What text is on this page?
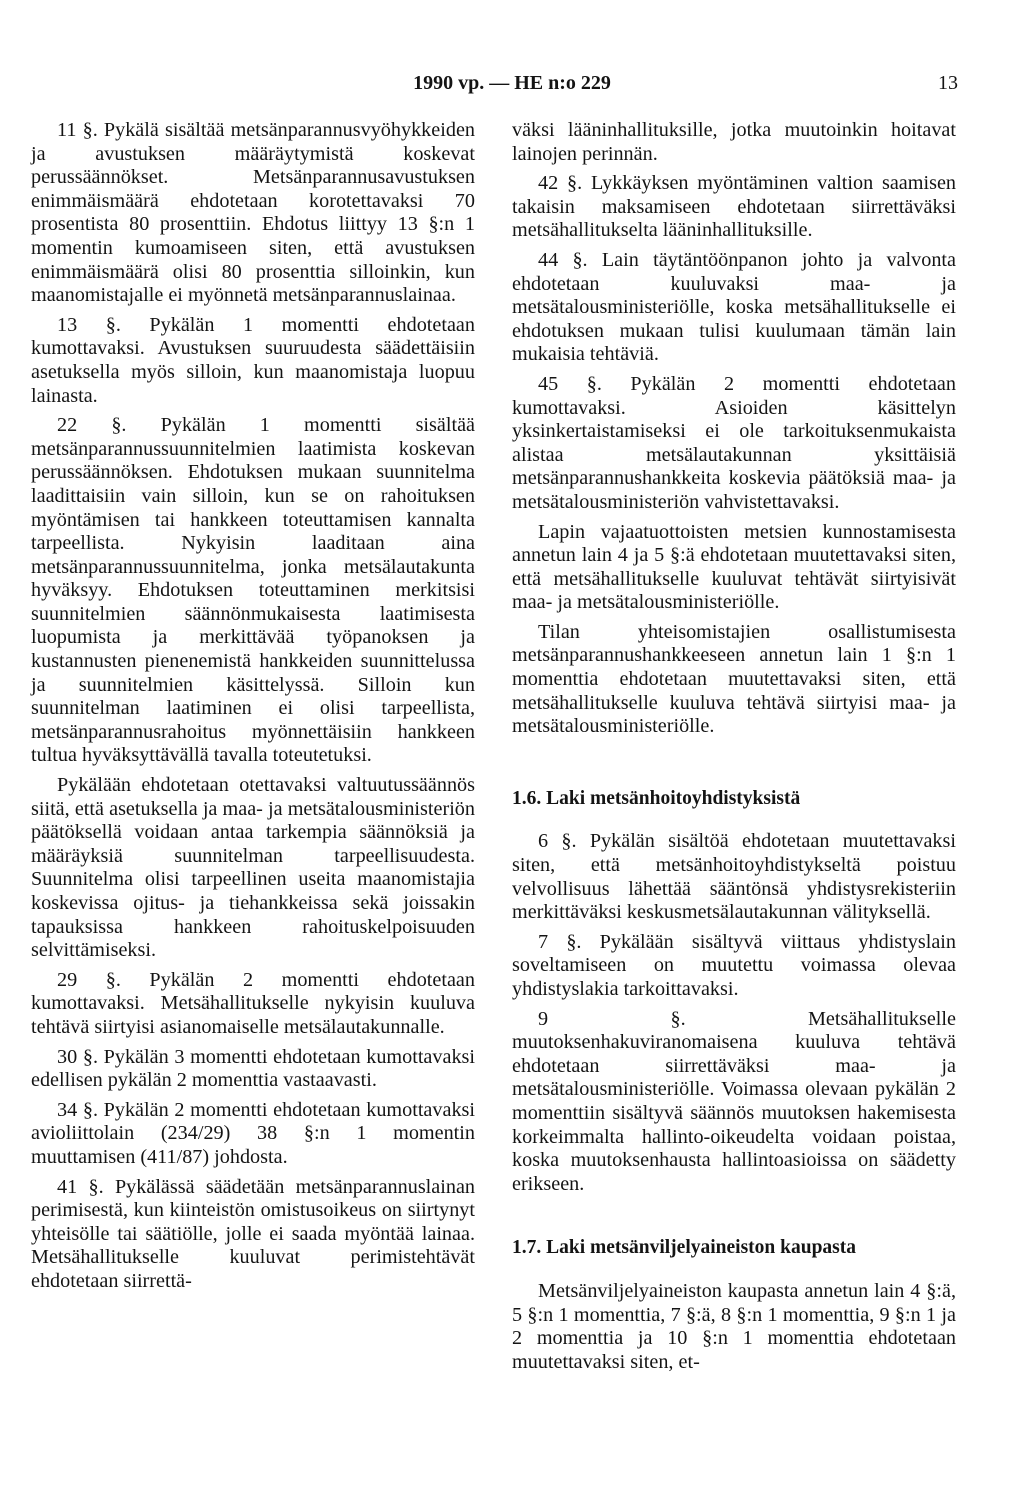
1990 vp. — HE n:o 229	13

11 §. Pykälä sisältää metsänparannusvyöhykkeiden ja avustuksen määräytymistä koskevat perussäännökset. Metsänparannusavustuksen enimmäismäärä ehdotetaan korotettavaksi 70 prosentista 80 prosenttiin. Ehdotus liittyy 13 §:n 1 momentin kumoamiseen siten, että avustuksen enimmäismäärä olisi 80 prosenttia silloinkin, kun maanomistajalle ei myönnetä metsänparannuslainaa.

13 §. Pykälän 1 momentti ehdotetaan kumottavaksi. Avustuksen suuruudesta säädettäisiin asetuksella myös silloin, kun maanomistaja luopuu lainasta.

22 §. Pykälän 1 momentti sisältää metsänparannussuunnitelmien laatimista koskevan perussäännöksen. Ehdotuksen mukaan suunnitelma laadittaisiin vain silloin, kun se on rahoituksen myöntämisen tai hankkeen toteuttamisen kannalta tarpeellista. Nykyisin laaditaan aina metsänparannussuunnitelma, jonka metsälautakunta hyväksyy. Ehdotuksen toteuttaminen merkitsisi suunnitelmien säännönmukaisesta laatimisesta luopumista ja merkittävää työpanoksen ja kustannusten pienenemistä hankkeiden suunnittelussa ja suunnitelmien käsittelyssä. Silloin kun suunnitelman laatiminen ei olisi tarpeellista, metsänparannusrahoitus myönnettäisiin hankkeen tultua hyväksyttävällä tavalla toteutetuksi.

Pykälään ehdotetaan otettavaksi valtuutussäännös siitä, että asetuksella ja maa- ja metsätalousministeriön päätöksellä voidaan antaa tarkempia säännöksiä ja määräyksiä suunnitelman tarpeellisuudesta. Suunnitelma olisi tarpeellinen useita maanomistajia koskevissa ojitus- ja tiehankkeissa sekä joissakin tapauksissa hankkeen rahoituskelpoisuuden selvittämiseksi.

29 §. Pykälän 2 momentti ehdotetaan kumottavaksi. Metsähallitukselle nykyisin kuuluva tehtävä siirtyisi asianomaiselle metsälautakunnalle.

30 §. Pykälän 3 momentti ehdotetaan kumottavaksi edellisen pykälän 2 momenttia vastaavasti.

34 §. Pykälän 2 momentti ehdotetaan kumottavaksi avioliittolain (234/29) 38 §:n 1 momentin muuttamisen (411/87) johdosta.

41 §. Pykälässä säädetään metsänparannuslainan perimisestä, kun kiinteistön omistusoikeus on siirtynyt yhteisölle tai säätiölle, jolle ei saada myöntää lainaa. Metsähallitukselle kuuluvat perimistehtävät ehdotetaan siirrettä-

väksi lääninhallituksille, jotka muutoinkin hoitavat lainojen perinnän.

42 §. Lykkäyksen myöntäminen valtion saamisen takaisin maksamiseen ehdotetaan siirrettäväksi metsähallitukselta lääninhallituksille.

44 §. Lain täytäntöönpanon johto ja valvonta ehdotetaan kuuluvaksi maa- ja metsätalousministeriölle, koska metsähallitukselle ei ehdotuksen mukaan tulisi kuulumaan tämän lain mukaisia tehtäviä.

45 §. Pykälän 2 momentti ehdotetaan kumottavaksi. Asioiden käsittelyn yksinkertaistamiseksi ei ole tarkoituksenmukaista alistaa metsälautakunnan yksittäisiä metsänparannushankkeita koskevia päätöksiä maa- ja metsätalousministeriön vahvistettavaksi.

Lapin vajaatuottoisten metsien kunnostamisesta annetun lain 4 ja 5 §:ä ehdotetaan muutettavaksi siten, että metsähallitukselle kuuluvat tehtävät siirtyisivät maa- ja metsätalousministeriölle.

Tilan yhteisomistajien osallistumisesta metsänparannushankkeeseen annetun lain 1 §:n 1 momenttia ehdotetaan muutettavaksi siten, että metsähallitukselle kuuluva tehtävä siirtyisi maa- ja metsätalousministeriölle.

1.6. Laki metsänhoitoyhdistyksistä

6 §. Pykälän sisältöä ehdotetaan muutettavaksi siten, että metsänhoitoyhdistykseltä poistuu velvollisuus lähettää sääntönsä yhdistysrekisteriin merkittäväksi keskusmetsälautakunnan välityksellä.

7 §. Pykälään sisältyvä viittaus yhdistyslain soveltamiseen on muutettu voimassa olevaa yhdistyslakia tarkoittavaksi.

9 §. Metsähallitukselle muutoksenhakuviranomaisena kuuluva tehtävä ehdotetaan siirrettäväksi maa- ja metsätalousministeriölle. Voimassa olevaan pykälän 2 momenttiin sisältyvä säännös muutoksen hakemisesta korkeimmalta hallinto-oikeudelta voidaan poistaa, koska muutoksenhausta hallintoasioissa on säädetty erikseen.

1.7. Laki metsänviljelyaineiston kaupasta

Metsänviljelyaineiston kaupasta annetun lain 4 §:ä, 5 §:n 1 momenttia, 7 §:ä, 8 §:n 1 momenttia, 9 §:n 1 ja 2 momenttia ja 10 §:n 1 momenttia ehdotetaan muutettavaksi siten, et-
